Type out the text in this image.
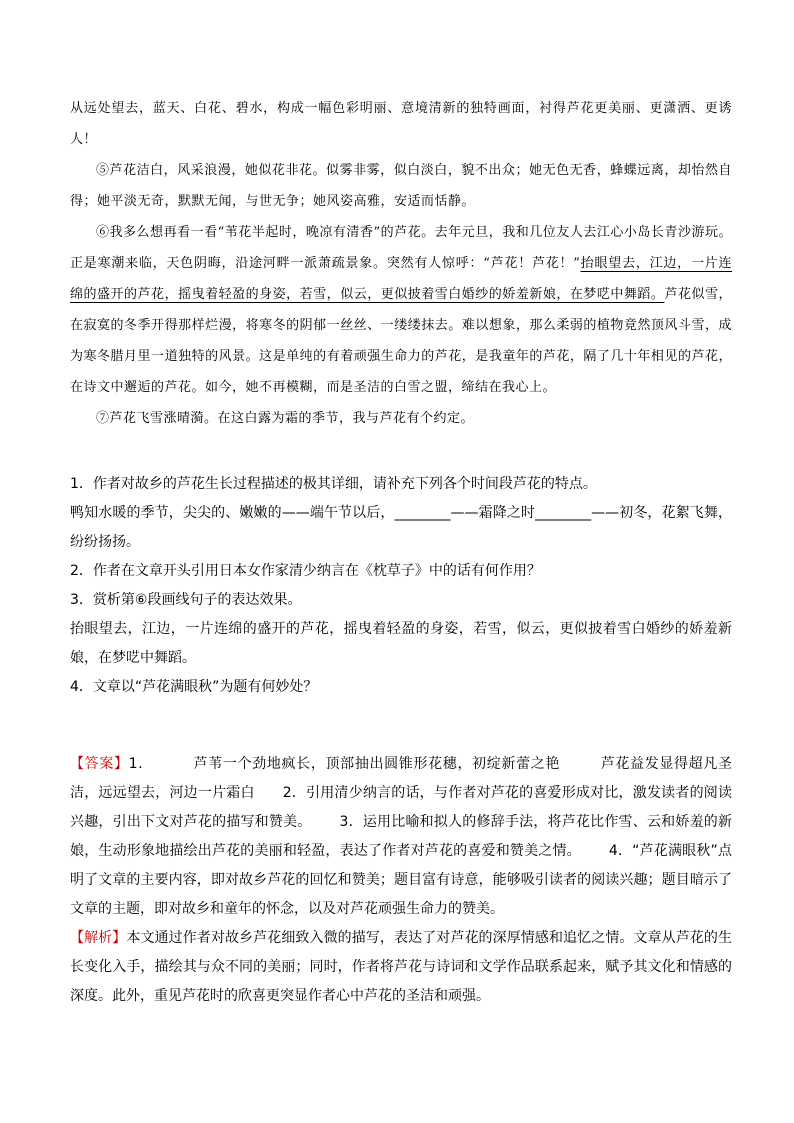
从远处望去，蓝天、白花、碧水，构成一幅色彩明丽、意境清新的独特画面，衬得芦花更美丽、更潇洒、更诱人！

⑤芦花洁白，风采浪漫，她似花非花。似雾非雾，似白淡白，貌不出众；她无色无香，蜂蝶远离，却怡然自得；她平淡无奇，默默无闻，与世无争；她风姿高雅，安适而恬静。

⑥我多么想再看一看“苇花半起时，晚凉有清香”的芦花。去年元旦，我和几位友人去江心小岛长青沙游玩。正是寒潮来临，天色阴晦，沿途河畔一派萧疏景象。突然有人惊呼：“芦花！芦花！”抬眼望去，江边，一片连绵的盛开的芦花，摇曳着轻盈的身姿，若雪，似云，更似披着雪白婚纱的娇羞新娘，在梦呓中舞蹈。芦花似雪，在寂寞的冬季开得那样烂漫，将寒冬的阴郁一丝丝、一缕缕抹去。难以想象，那么柔弱的植物竟然顶风斗雪，成为寒冬腊月里一道独特的风景。这是单纯的有着顽强生命力的芦花，是我童年的芦花，隔了几十年相见的芦花，在诗文中邂逅的芦花。如今，她不再模糊，而是圣洁的白雪之盟，缔结在我心上。

⑦芦花飞雪涨晴漪。在这白露为霜的季节，我与芦花有个约定。

1．作者对故乡的芦花生长过程描述的极其详细，请补充下列各个时间段芦花的特点。

鸭知水暖的季节，尖尖的、嫩嫩的——端午节以后，________——霜降之时________——初冬，花絮飞舞，纷纷扬扬。

2．作者在文章开头引用日本女作家清少纳言在《枕草子》中的话有何作用？

3．赏析第⑥段画线句子的表达效果。

抬眼望去，江边，一片连绵的盛开的芦花，摇曳着轻盈的身姿，若雪，似云，更似披着雪白婚纱的娇羞新娘，在梦呓中舞蹈。

4．文章以“芦花满眼秋”为题有何妙处？

【答案】1．	芦苇一个劲地疯长，顶部抽出圆锥形花穗，初绽新蕾之艳	芦花益发显得超凡圣洁，远远望去，河边一片霜白 2．引用清少纳言的话，与作者对芦花的喜爱形成对比，激发读者的阅读兴趣，引出下文对芦花的描写和赞美。 3．运用比喻和拟人的修辞手法，将芦花比作雪、云和娇羞的新娘，生动形象地描绘出芦花的美丽和轻盈，表达了作者对芦花的喜爱和赞美之情。 4．“芦花满眼秋”点明了文章的主要内容，即对故乡芦花的回忆和赞美；题目富有诗意，能够吸引读者的阅读兴趣；题目暗示了文章的主题，即对故乡和童年的怀念，以及对芦花顽强生命力的赞美。

【解析】本文通过作者对故乡芦花细致入微的描写，表达了对芦花的深厚情感和追忆之情。文章从芦花的生长变化入手，描绘其与众不同的美丽；同时，作者将芦花与诗词和文学作品联系起来，赋予其文化和情感的深度。此外，重见芦花时的欣喜更突显作者心中芦花的圣洁和顽强。
